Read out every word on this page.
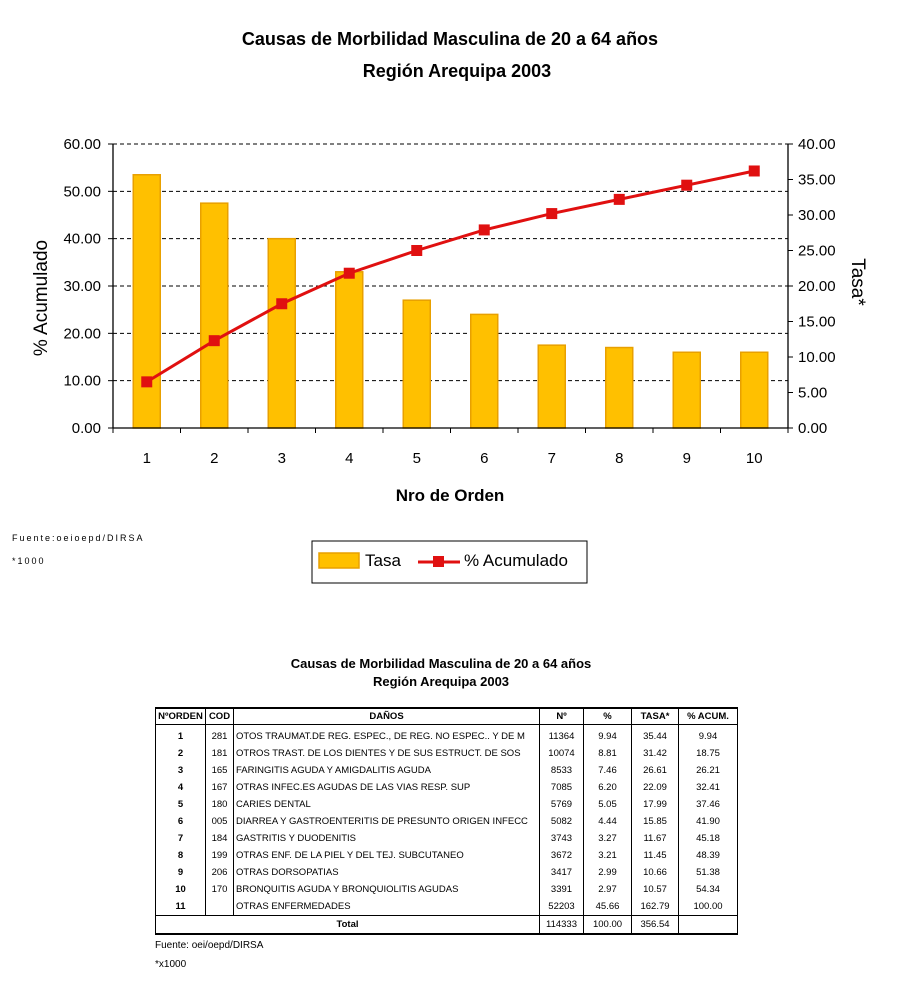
Causas de Morbilidad Masculina de 20 a 64 años
Región Arequipa 2003
0.00
10.00
20.00
30.00
40.00
50.00
60.00
0.00
5.00
10.00
15.00
20.00
25.00
30.00
35.00
40.00
1	2	3	4	5	6	7	8	9	10
% Acumulado	Tasa*
Nro de Orden
Fuente:oeioepd/DIRSA
*1000	Tasa	% Acumulado
Causas de Morbilidad Masculina de 20 a 64 años
Región Arequipa 2003
NºORDEN	COD	DAÑOS	Nº	%	TASA*	% ACUM.
1	281	OTOS TRAUMAT.DE REG. ESPEC., DE REG. NO ESPEC.. Y DE M	11364	9.94	35.44	9.94
2	181	OTROS TRAST. DE LOS DIENTES Y DE SUS ESTRUCT. DE SOS	10074	8.81	31.42	18.75
3	165	FARINGITIS AGUDA Y AMIGDALITIS AGUDA	8533	7.46	26.61	26.21
4	167	OTRAS INFEC.ES AGUDAS DE LAS VIAS RESP. SUP	7085	6.20	22.09	32.41
5	180	CARIES DENTAL	5769	5.05	17.99	37.46
6	005	DIARREA Y GASTROENTERITIS DE PRESUNTO ORIGEN INFECC	5082	4.44	15.85	41.90
7	184	GASTRITIS Y DUODENITIS	3743	3.27	11.67	45.18
8	199	OTRAS ENF. DE LA PIEL Y DEL TEJ. SUBCUTANEO	3672	3.21	11.45	48.39
9	206	OTRAS DORSOPATIAS	3417	2.99	10.66	51.38
10	170	BRONQUITIS AGUDA Y BRONQUIOLITIS AGUDAS	3391	2.97	10.57	54.34
11		OTRAS ENFERMEDADES	52203	45.66	162.79	100.00
Total			114333	100.00	356.54	
Fuente: oei/oepd/DIRSA
*x1000
